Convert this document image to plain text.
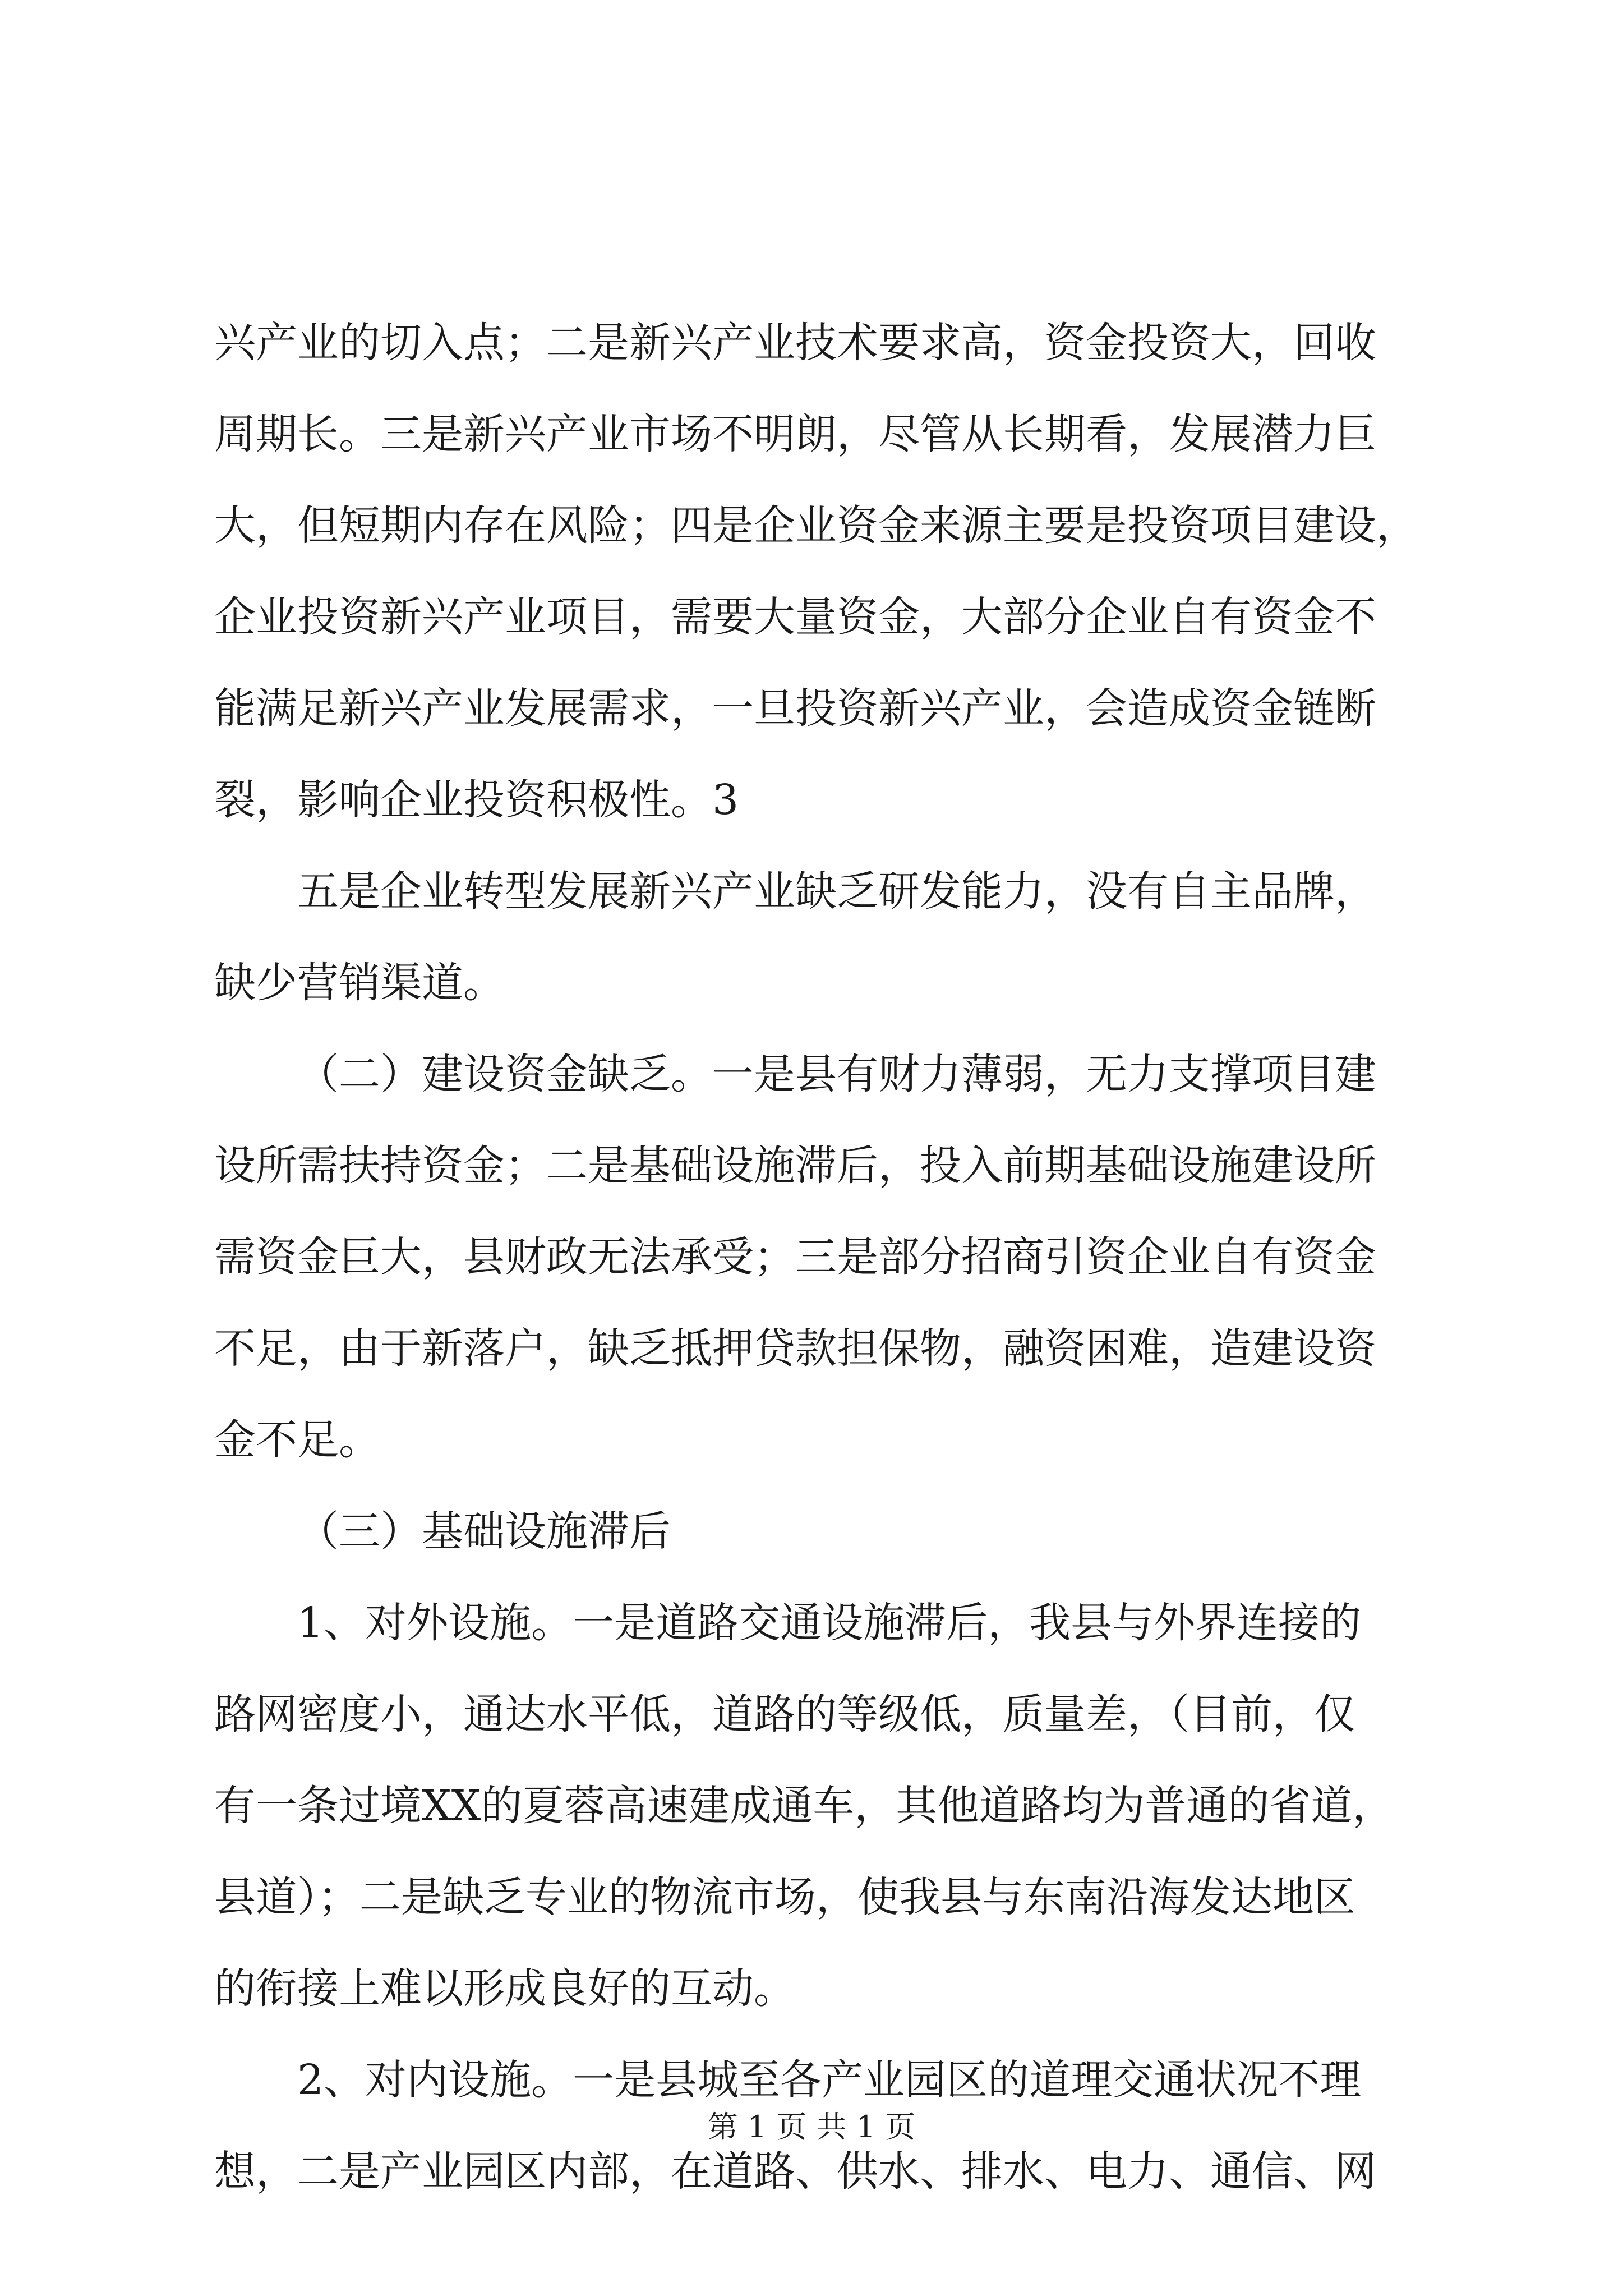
兴产业的切入点；二是新兴产业技术要求高，资金投资大，回收
周期长。三是新兴产业市场不明朗，尽管从长期看，发展潜力巨
大，但短期内存在风险；四是企业资金来源主要是投资项目建设，
企业投资新兴产业项目，需要大量资金，大部分企业自有资金不
能满足新兴产业发展需求，一旦投资新兴产业，会造成资金链断
裂，影响企业投资积极性。3

五是企业转型发展新兴产业缺乏研发能力，没有自主品牌，
缺少营销渠道。

（二）建设资金缺乏。一是县有财力薄弱，无力支撑项目建
设所需扶持资金；二是基础设施滞后，投入前期基础设施建设所
需资金巨大，县财政无法承受；三是部分招商引资企业自有资金
不足，由于新落户，缺乏抵押贷款担保物，融资困难，造建设资
金不足。

（三）基础设施滞后

1、对外设施。一是道路交通设施滞后，我县与外界连接的
路网密度小，通达水平低，道路的等级低，质量差，（目前，仅
有一条过境XX的夏蓉高速建成通车，其他道路均为普通的省道，
县道）；二是缺乏专业的物流市场，使我县与东南沿海发达地区
的衔接上难以形成良好的互动。

2、对内设施。一是县城至各产业园区的道理交通状况不理
想，二是产业园区内部，在道路、供水、排水、电力、通信、网

第 1 页 共 1 页
